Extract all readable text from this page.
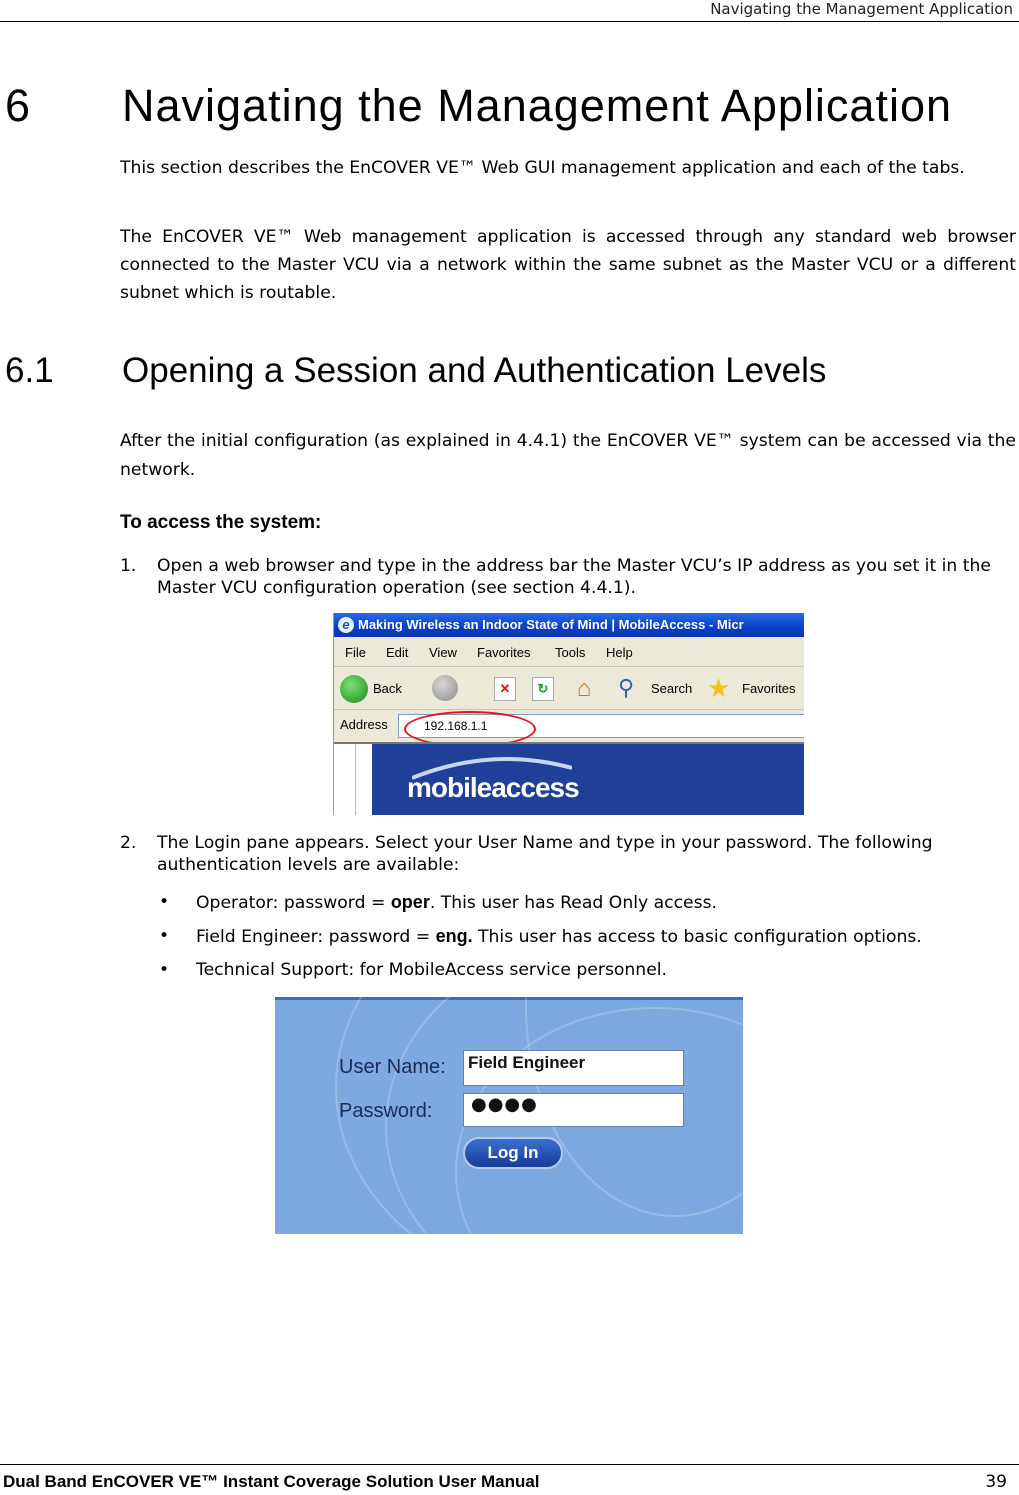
Navigating the Management Application
6 Navigating the Management Application
This section describes the EnCOVER VE™ Web GUI management application and each of the tabs.
The EnCOVER VE™ Web management application is accessed through any standard web browser connected to the Master VCU via a network within the same subnet as the Master VCU or a different subnet which is routable.
6.1 Opening a Session and Authentication Levels
After the initial configuration (as explained in 4.4.1) the EnCOVER VE™ system can be accessed via the network.
To access the system:
1. Open a web browser and type in the address bar the Master VCU’s IP address as you set it in the Master VCU configuration operation (see section 4.4.1).
e Making Wireless an Indoor State of Mind | MobileAccess - Micr
File Edit View Favorites Tools Help
Back	✕	↻	⌂	⚲ Search ★ Favorites
Address	192.168.1.1
mobileaccess
2. The Login pane appears. Select your User Name and type in your password. The following authentication levels are available:
• Operator: password = oper. This user has Read Only access.
• Field Engineer: password = eng. This user has access to basic configuration options.
• Technical Support: for MobileAccess service personnel.
User Name: Field Engineer
Password: ●●●●
Log In
Dual Band EnCOVER VE™ Instant Coverage Solution User Manual	39
